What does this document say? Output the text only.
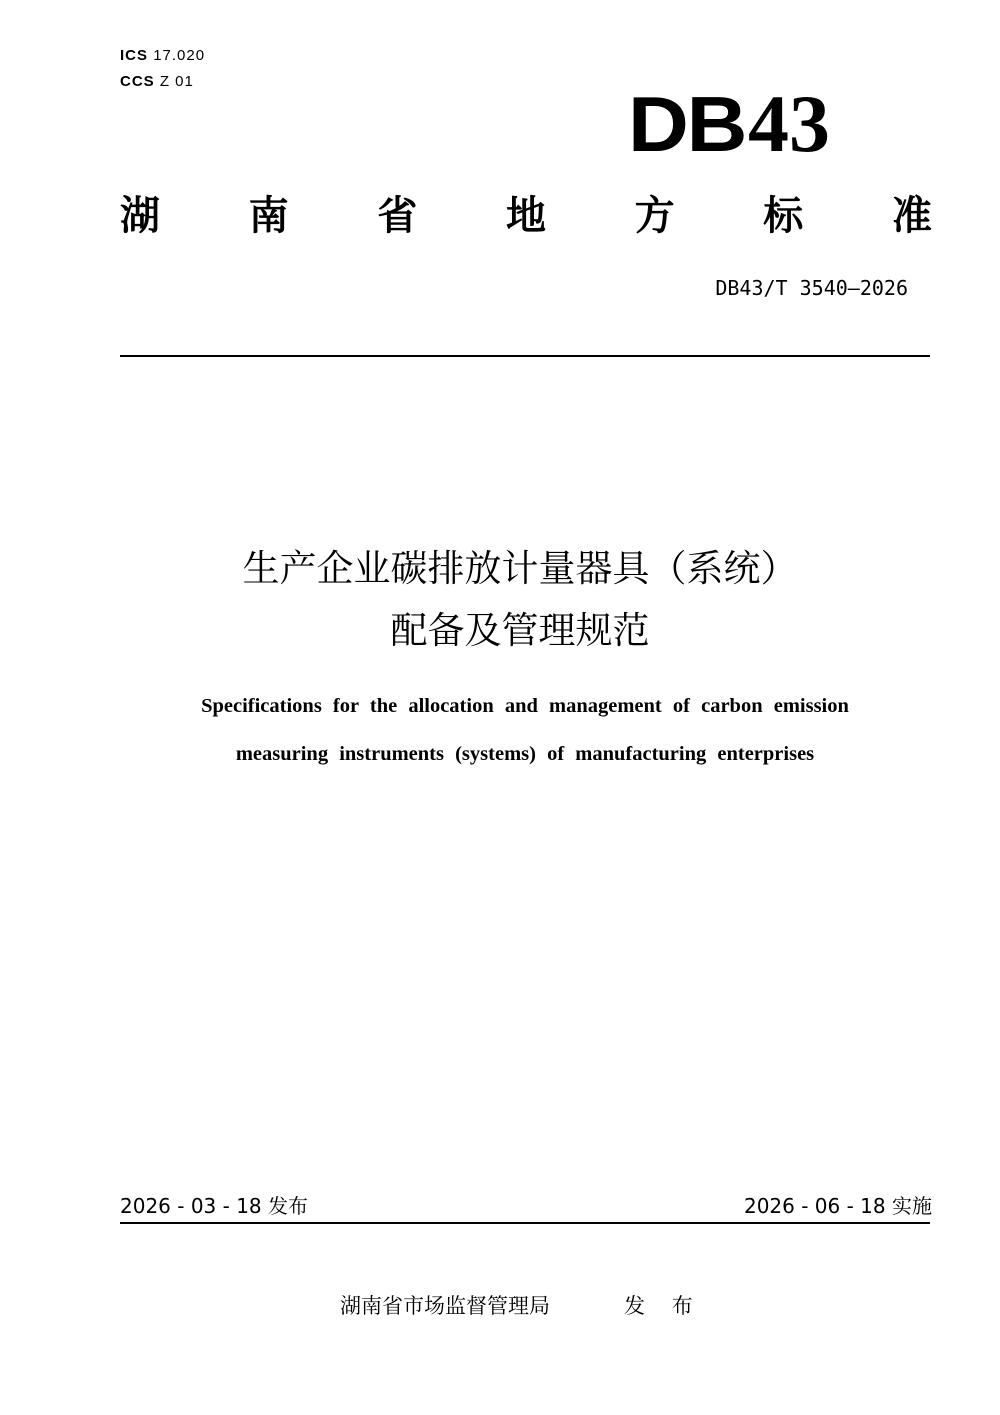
ICS 17.020
CCS Z 01	DB 43
湖 南 省 地 方 标 准
DB43/T 3540—2026
生产企业碳排放计量器具（系统）
配备及管理规范
Specifications for the allocation and management of carbon emission
measuring instruments (systems) of manufacturing enterprises
2026 - 03 - 18 发布	2026 - 06 - 18 实施
湖南省市场监督管理局	发 布
